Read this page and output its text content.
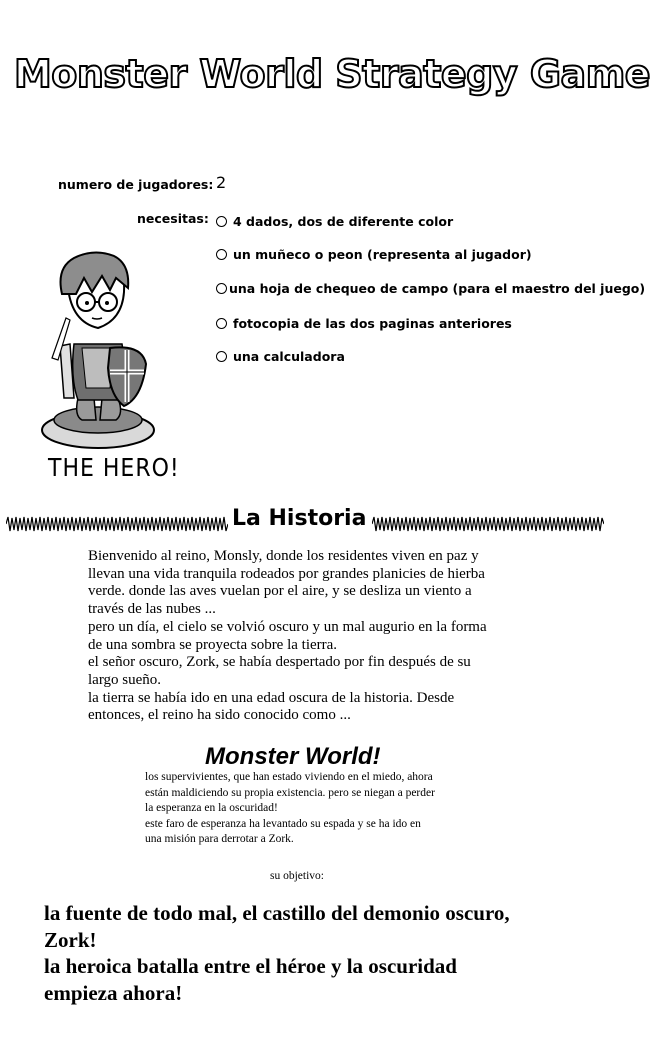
Monster World Strategy Game
numero de jugadores: 2
necesitas: 4 dados, dos de diferente color
un muñeco o peon (representa al jugador)
una hoja de chequeo de campo (para el maestro del juego)
fotocopia de las dos paginas anteriores
una calculadora
THE HERO!
La Historia

Bienvenido al reino, Monsly, donde los residentes viven en paz y

llevan una vida tranquila rodeados por grandes planicies de hierba

verde. donde las aves vuelan por el aire, y se desliza un viento a

través de las nubes ...

pero un día, el cielo se volvió oscuro y un mal augurio en la forma

de una sombra se proyecta sobre la tierra.

el señor oscuro, Zork, se había despertado por fin después de su

largo sueño.

la tierra se había ido en una edad oscura de la historia. Desde

entonces, el reino ha sido conocido como ...

Monster World!

los supervivientes, que han estado viviendo en el miedo, ahora

están maldiciendo su propia existencia. pero se niegan a perder

la esperanza en la oscuridad!

este faro de esperanza ha levantado su espada y se ha ido en

una misión para derrotar a Zork.

su objetivo:

la fuente de todo mal, el castillo del demonio oscuro,

Zork!

la heroica batalla entre el héroe y la oscuridad

empieza ahora!
